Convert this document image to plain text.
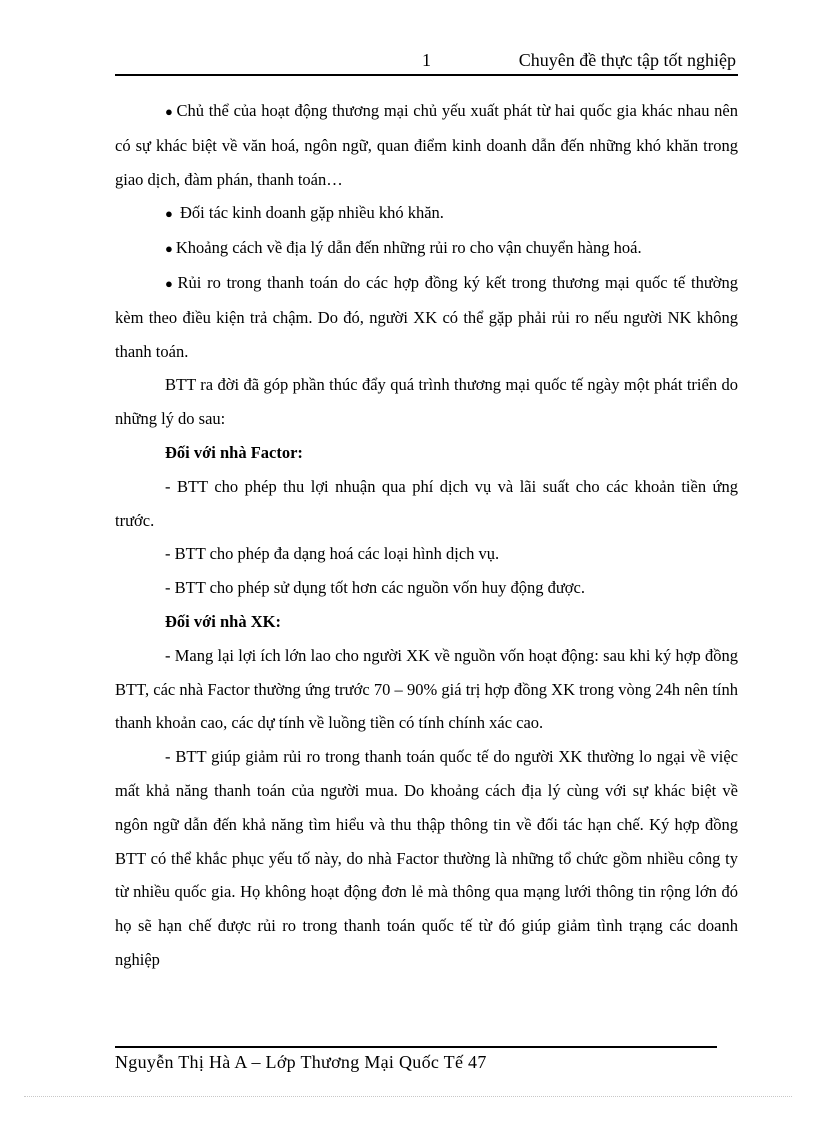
1	Chuyên đề thực tập tốt nghiệp

● Chủ thể của hoạt động thương mại chủ yếu xuất phát từ hai quốc gia khác nhau nên có sự khác biệt về văn hoá, ngôn ngữ, quan điểm kinh doanh dẫn đến những khó khăn trong giao dịch, đàm phán, thanh toán…

● Đối tác kinh doanh gặp nhiều khó khăn.

● Khoảng cách về địa lý dẫn đến những rủi ro cho vận chuyển hàng hoá.

● Rủi ro trong thanh toán do các hợp đồng ký kết trong thương mại quốc tế thường kèm theo điều kiện trả chậm. Do đó, người XK có thể gặp phải rủi ro nếu người NK không thanh toán.

BTT ra đời đã góp phần thúc đẩy quá trình thương mại quốc tế ngày một phát triển do những lý do sau:

Đối với nhà Factor:

- BTT cho phép thu lợi nhuận qua phí dịch vụ và lãi suất cho các khoản tiền ứng trước.

- BTT cho phép đa dạng hoá các loại hình dịch vụ.

- BTT cho phép sử dụng tốt hơn các nguồn vốn huy động được.

Đối với nhà XK:

- Mang lại lợi ích lớn lao cho người XK về nguồn vốn hoạt động: sau khi ký hợp đồng BTT, các nhà Factor thường ứng trước 70 – 90% giá trị hợp đồng XK trong vòng 24h nên tính thanh khoản cao, các dự tính về luồng tiền có tính chính xác cao.

- BTT giúp giảm rủi ro trong thanh toán quốc tế do người XK thường lo ngại về việc mất khả năng thanh toán của người mua. Do khoảng cách địa lý cùng với sự khác biệt về ngôn ngữ dẫn đến khả năng tìm hiểu và thu thập thông tin về đối tác hạn chế. Ký hợp đồng BTT có thể khắc phục yếu tố này, do nhà Factor thường là những tổ chức gồm nhiều công ty từ nhiều quốc gia. Họ không hoạt động đơn lẻ mà thông qua mạng lưới thông tin rộng lớn đó họ sẽ hạn chế được rủi ro trong thanh toán quốc tế từ đó giúp giảm tình trạng các doanh nghiệp

Nguyễn Thị Hà A – Lớp Thương Mại Quốc Tế 47
